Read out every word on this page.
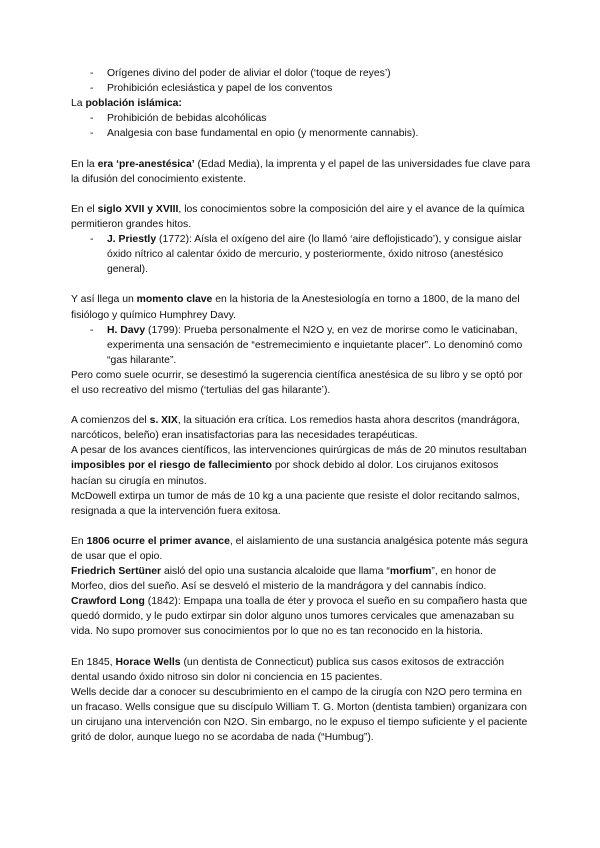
- Orígenes divino del poder de aliviar el dolor (‘toque de reyes’)
- Prohibición eclesiástica y papel de los conventos

La población islámica:

- Prohibición de bebidas alcohólicas
- Analgesia con base fundamental en opio (y menormente cannabis).

En la era ‘pre-anestésica’ (Edad Media), la imprenta y el papel de las universidades fue clave para la difusión del conocimiento existente.

En el siglo XVII y XVIII, los conocimientos sobre la composición del aire y el avance de la química permitieron grandes hitos.

- J. Priestly (1772): Aísla el oxígeno del aire (lo llamó ‘aire deflojisticado’), y consigue aislar óxido nítrico al calentar óxido de mercurio, y posteriormente, óxido nitroso (anestésico general).

Y así llega un momento clave en la historia de la Anestesiología en torno a 1800, de la mano del fisiólogo y químico Humphrey Davy.

- H. Davy (1799): Prueba personalmente el N2O y, en vez de morirse como le vaticinaban, experimenta una sensación de “estremecimiento e inquietante placer”. Lo denominó como “gas hilarante”.

Pero como suele ocurrir, se desestimó la sugerencia científica anestésica de su libro y se optó por el uso recreativo del mismo (‘tertulias del gas hilarante’).

A comienzos del s. XIX, la situación era crítica. Los remedios hasta ahora descritos (mandrágora, narcóticos, beleño) eran insatisfactorias para las necesidades terapéuticas.

A pesar de los avances científicos, las intervenciones quirúrgicas de más de 20 minutos resultaban imposibles por el riesgo de fallecimiento por shock debido al dolor. Los cirujanos exitosos hacían su cirugía en minutos.

McDowell extirpa un tumor de más de 10 kg a una paciente que resiste el dolor recitando salmos, resignada a que la intervención fuera exitosa.

En 1806 ocurre el primer avance, el aislamiento de una sustancia analgésica potente más segura de usar que el opio.

Friedrich Sertüner aisló del opio una sustancia alcaloide que llama “morfium”, en honor de Morfeo, dios del sueño. Así se desveló el misterio de la mandrágora y del cannabis índico.

Crawford Long (1842): Empapa una toalla de éter y provoca el sueño en su compañero hasta que quedó dormido, y le pudo extirpar sin dolor alguno unos tumores cervicales que amenazaban su vida. No supo promover sus conocimientos por lo que no es tan reconocido en la historia.

En 1845, Horace Wells (un dentista de Connecticut) publica sus casos exitosos de extracción dental usando óxido nitroso sin dolor ni conciencia en 15 pacientes.

Wells decide dar a conocer su descubrimiento en el campo de la cirugía con N2O pero termina en un fracaso. Wells consigue que su discípulo William T. G. Morton (dentista tambien) organizara con un cirujano una intervención con N2O. Sin embargo, no le expuso el tiempo suficiente y el paciente gritó de dolor, aunque luego no se acordaba de nada (“Humbug”).
